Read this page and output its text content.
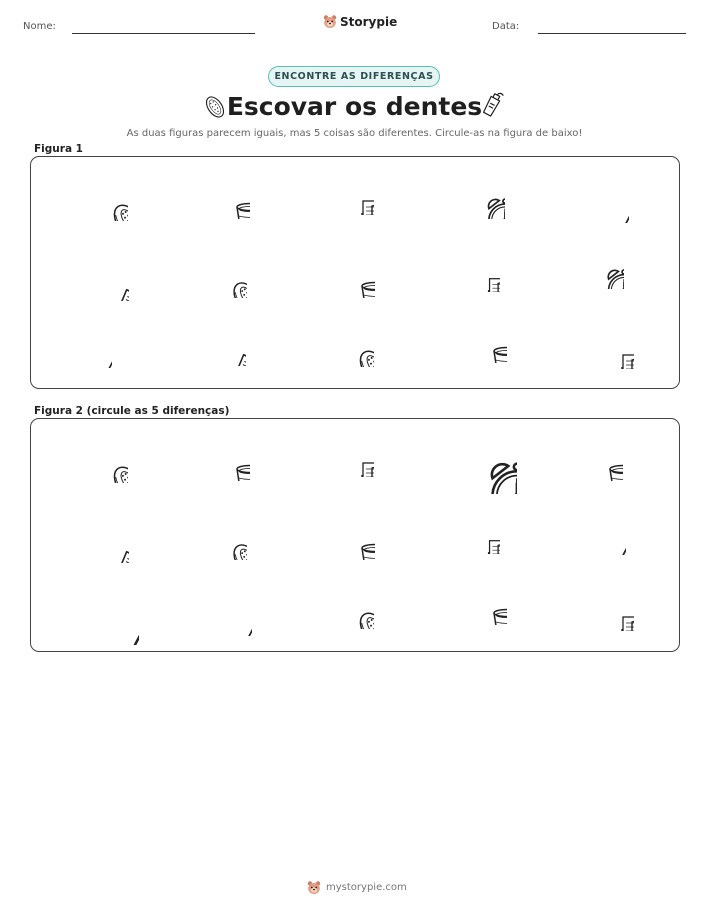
Nome:	Storypie	Data:
ENCONTRE AS DIFERENÇAS
Escovar os dentes
As duas figuras parecem iguais, mas 5 coisas são diferentes. Circule-as na figura de baixo!
Figura 1
Figura 2 (circule as 5 diferenças)
mystorypie.com
